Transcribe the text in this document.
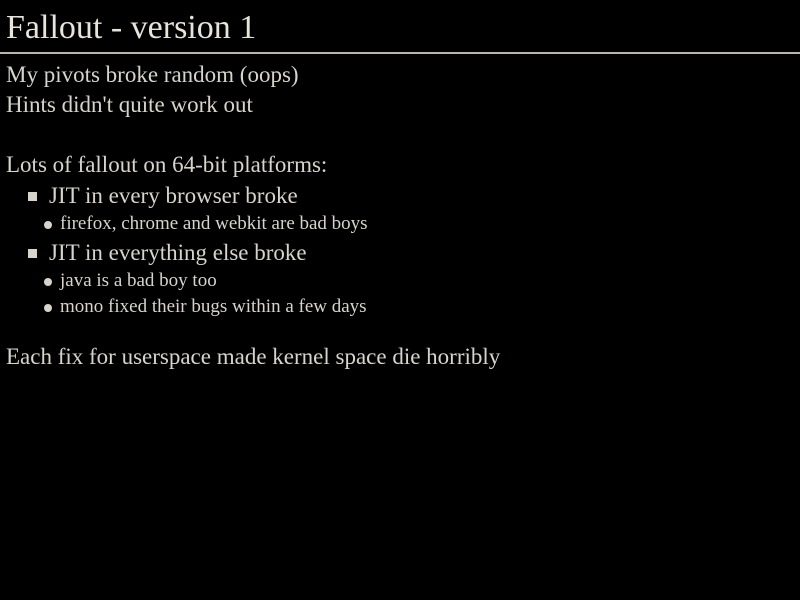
Fallout - version 1
My pivots broke random (oops)
Hints didn't quite work out
Lots of fallout on 64-bit platforms:
JIT in every browser broke
firefox, chrome and webkit are bad boys
JIT in everything else broke
java is a bad boy too
mono fixed their bugs within a few days
Each fix for userspace made kernel space die horribly
